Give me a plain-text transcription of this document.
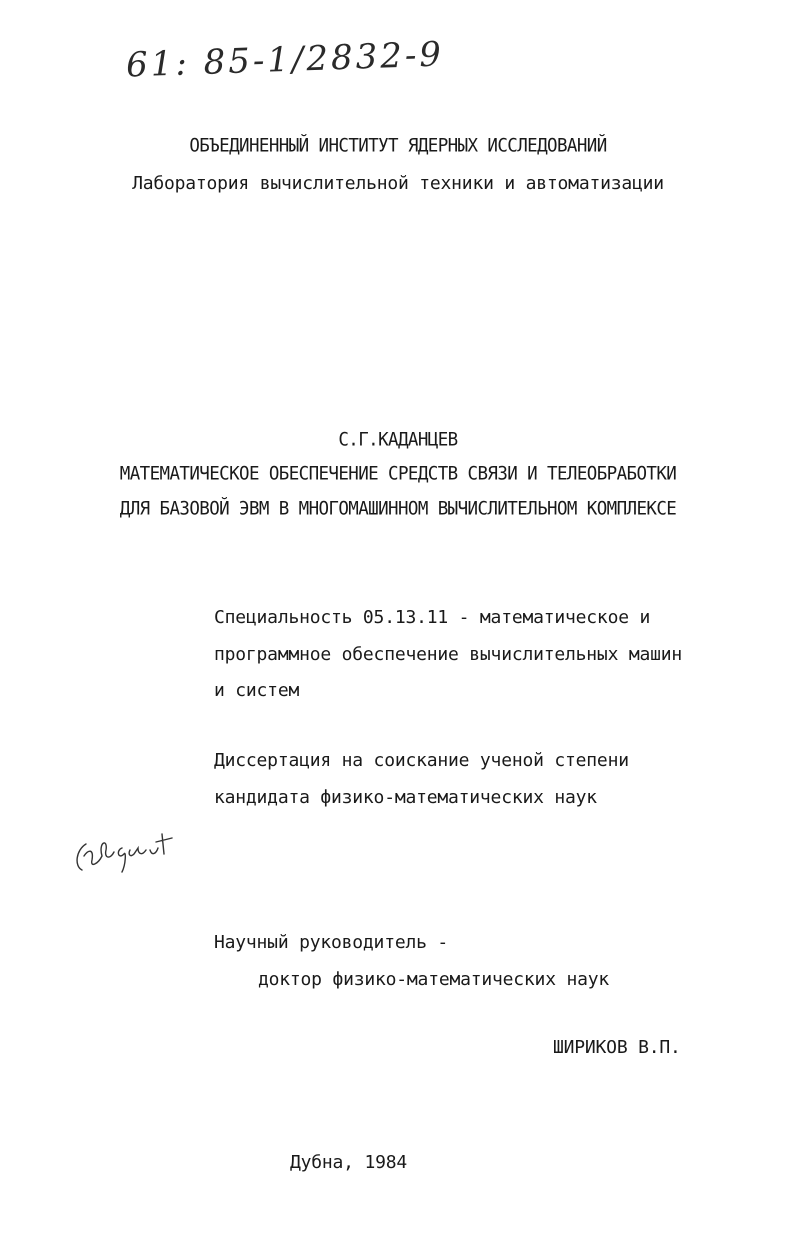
61: 85-1/2832-9
ОБЪЕДИНЕННЫЙ ИНСТИТУТ ЯДЕРНЫХ ИССЛЕДОВАНИЙ
Лаборатория вычислительной техники и автоматизации
С.Г.КАДАНЦЕВ
МАТЕМАТИЧЕСКОЕ ОБЕСПЕЧЕНИЕ СРЕДСТВ СВЯЗИ И ТЕЛЕОБРАБОТКИ
ДЛЯ БАЗОВОЙ ЭВМ В МНОГОМАШИННОМ ВЫЧИСЛИТЕЛЬНОМ КОМПЛЕКСЕ
Специальность 05.13.11 - математическое и
программное обеспечение вычислительных машин
и систем
Диссертация на соискание ученой степени
кандидата физико-математических наук
Научный руководитель -
доктор физико-математических наук
ШИРИКОВ В.П.
Дубна, 1984
